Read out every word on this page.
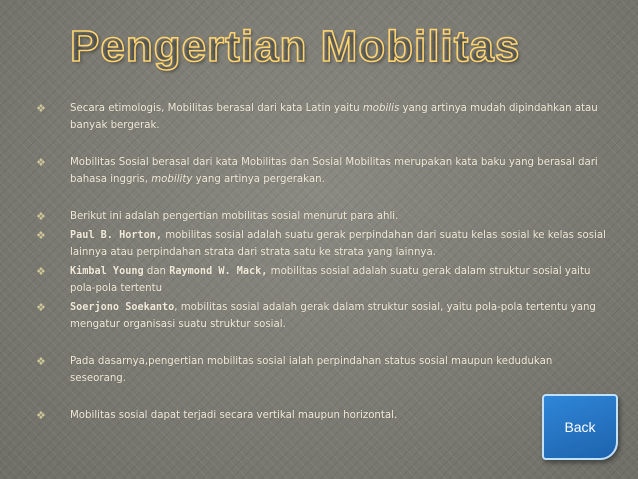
Pengertian Mobilitas
❖	Secara etimologis, Mobilitas berasal dari kata Latin yaitu mobilis yang artinya mudah dipindahkan atau banyak bergerak.
❖	Mobilitas Sosial berasal dari kata Mobilitas dan Sosial Mobilitas merupakan kata baku yang berasal dari bahasa inggris, mobility yang artinya pergerakan.
❖	Berikut ini adalah pengertian mobilitas sosial menurut para ahli.
❖	Paul B. Horton, mobilitas sosial adalah suatu gerak perpindahan dari suatu kelas sosial ke kelas sosial lainnya atau perpindahan strata dari strata satu ke strata yang lainnya.
❖	Kimbal Young dan Raymond W. Mack, mobilitas sosial adalah suatu gerak dalam struktur sosial yaitu pola-pola tertentu
❖	Soerjono Soekanto, mobilitas sosial adalah gerak dalam struktur sosial, yaitu pola-pola tertentu yang mengatur organisasi suatu struktur sosial.
❖	Pada dasarnya,pengertian mobilitas sosial ialah perpindahan status sosial maupun kedudukan seseorang.
❖	Mobilitas sosial dapat terjadi secara vertikal maupun horizontal.
Back
